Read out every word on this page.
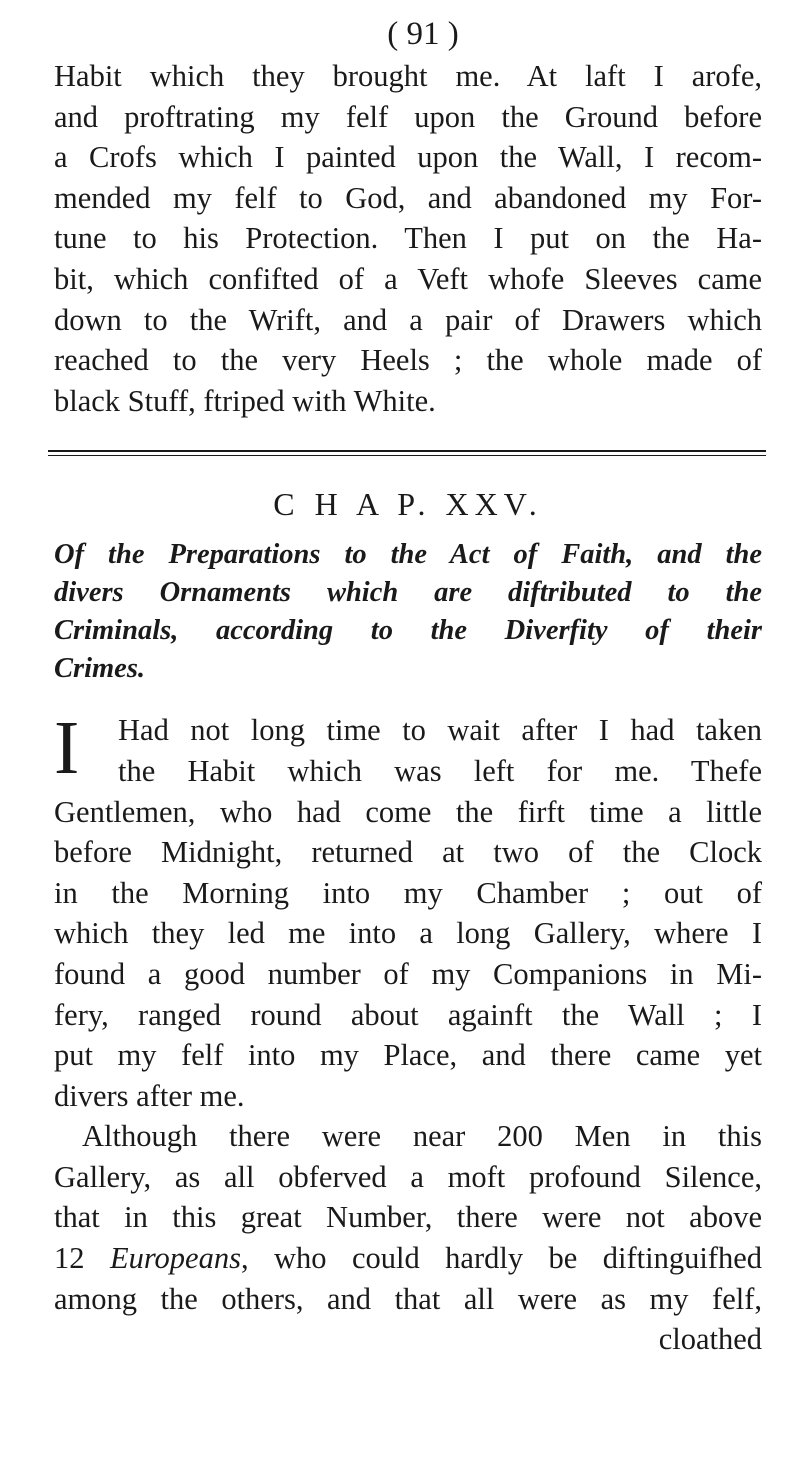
( 91 )
Habit which they brought me. At laft I arofe,
and proftrating my felf upon the Ground before
a Crofs which I painted upon the Wall, I recom-
mended my felf to God, and abandoned my For-
tune to his Protection. Then I put on the Ha-
bit, which confifted of a Veft whofe Sleeves came
down to the Wrift, and a pair of Drawers which
reached to the very Heels ; the whole made of
black Stuff, ftriped with White.
C H A P. XXV.
Of the Preparations to the Act of Faith, and the
divers Ornaments which are diftributed to the
Criminals, according to the Diverfity of their
Crimes.
I	Had not long time to wait after I had taken
the Habit which was left for me. Thefe
Gentlemen, who had come the firft time a little
before Midnight, returned at two of the Clock
in the Morning into my Chamber ; out of
which they led me into a long Gallery, where I
found a good number of my Companions in Mi-
fery, ranged round about againft the Wall ; I
put my felf into my Place, and there came yet
divers after me.
Although there were near 200 Men in this
Gallery, as all obferved a moft profound Silence,
that in this great Number, there were not above
12 Europeans, who could hardly be diftinguifhed
among the others, and that all were as my felf,
cloathed
